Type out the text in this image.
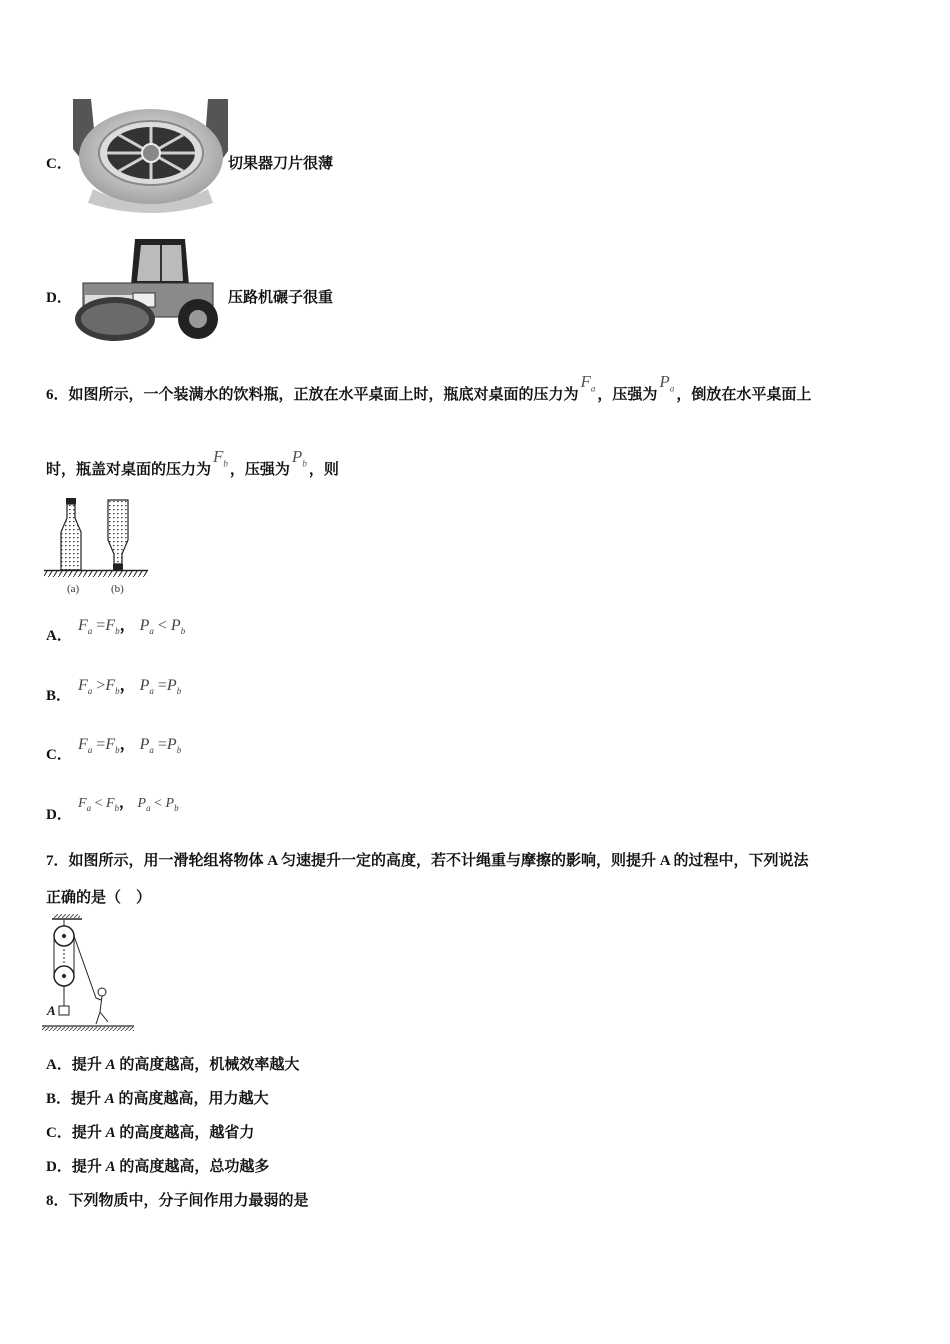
C．	切果器刀片很薄
D．	压路机碾子很重
6．如图所示，一个装满水的饮料瓶，正放在水平桌面上时，瓶底对桌面的压力为$F_a$ ，压强为$P_a$ ，倒放在水平桌面上
时，瓶盖对桌面的压力为$F_b$ ，压强为$P_b$ ，则
(a)	(b)
A．
$F_a =F_b$， $P_a < P_b$
B．
$F_a >F_b$， $P_a =P_b$
C．
$F_a =F_b$， $P_a =P_b$
D．
$F_a < F_b$， $P_a < P_b$
7．如图所示，用一滑轮组将物体 A 匀速提升一定的高度，若不计绳重与摩擦的影响，则提升 A 的过程中，下列说法
正确的是（　）
A
A．提升 A 的高度越高，机械效率越大
B．提升 A 的高度越高，用力越大
C．提升 A 的高度越高，越省力
D．提升 A 的高度越高，总功越多
8．下列物质中，分子间作用力最弱的是
